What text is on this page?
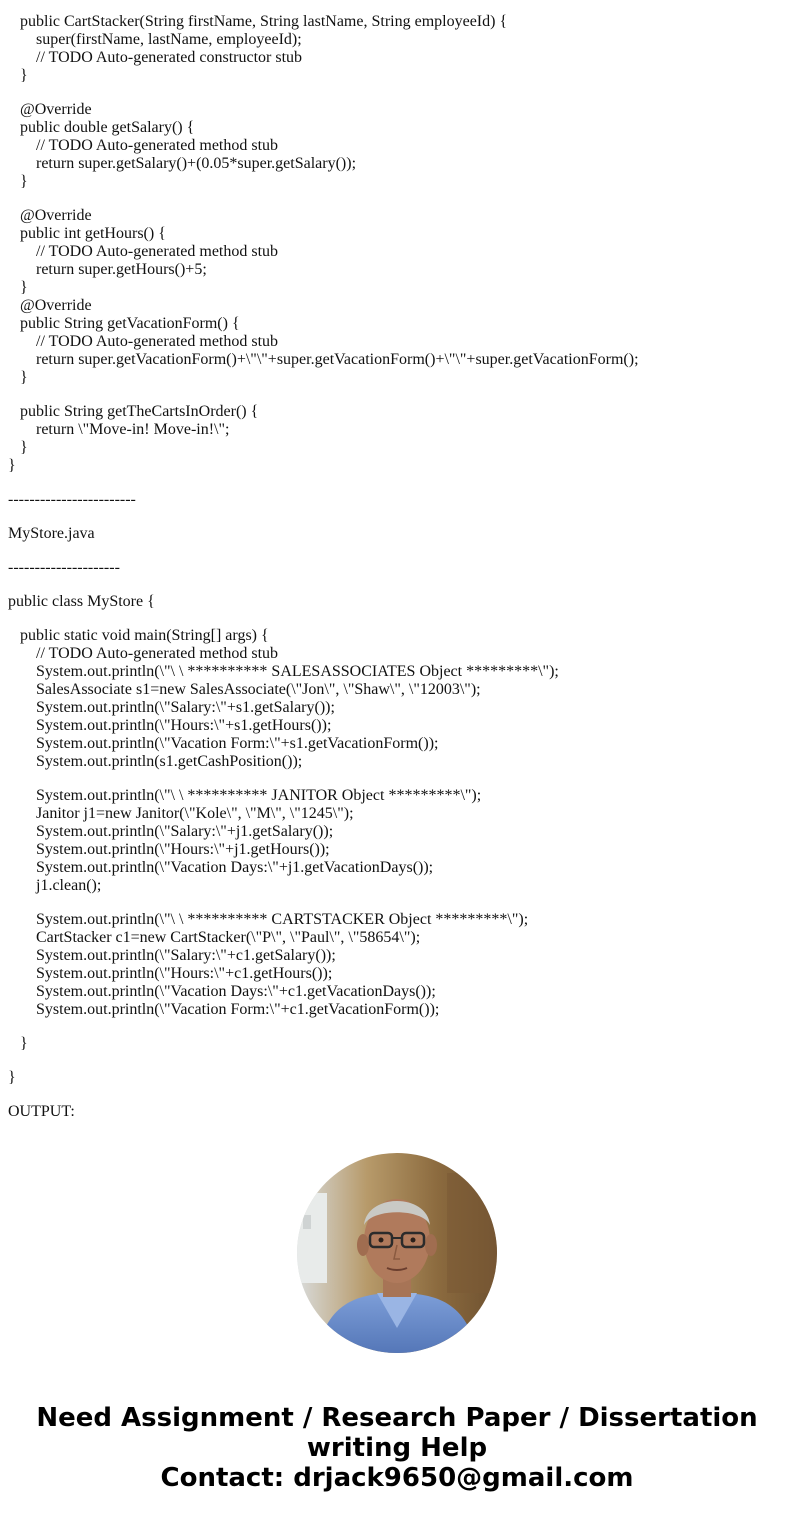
public CartStacker(String firstName, String lastName, String employeeId) {
super(firstName, lastName, employeeId);
// TODO Auto-generated constructor stub
}
@Override
public double getSalary() {
// TODO Auto-generated method stub
return super.getSalary()+(0.05*super.getSalary());
}
@Override
public int getHours() {
// TODO Auto-generated method stub
return super.getHours()+5;
}
@Override
public String getVacationForm() {
// TODO Auto-generated method stub
return super.getVacationForm()+\"\"+super.getVacationForm()+\"\"+super.getVacationForm();
}
public String getTheCartsInOrder() {
return \"Move-in! Move-in!\";
}
}
------------------------
MyStore.java
---------------------
public class MyStore {
public static void main(String[] args) {
// TODO Auto-generated method stub
System.out.println(\"\ \ ********** SALESASSOCIATES Object *********\");
SalesAssociate s1=new SalesAssociate(\"Jon\", \"Shaw\", \"12003\");
System.out.println(\"Salary:\"+s1.getSalary());
System.out.println(\"Hours:\"+s1.getHours());
System.out.println(\"Vacation Form:\"+s1.getVacationForm());
System.out.println(s1.getCashPosition());
System.out.println(\"\ \ ********** JANITOR Object *********\");
Janitor j1=new Janitor(\"Kole\", \"M\", \"1245\");
System.out.println(\"Salary:\"+j1.getSalary());
System.out.println(\"Hours:\"+j1.getHours());
System.out.println(\"Vacation Days:\"+j1.getVacationDays());
j1.clean();
System.out.println(\"\ \ ********** CARTSTACKER Object *********\");
CartStacker c1=new CartStacker(\"P\", \"Paul\", \"58654\");
System.out.println(\"Salary:\"+c1.getSalary());
System.out.println(\"Hours:\"+c1.getHours());
System.out.println(\"Vacation Days:\"+c1.getVacationDays());
System.out.println(\"Vacation Form:\"+c1.getVacationForm());
}
}
OUTPUT:
Need Assignment / Research Paper / Dissertation
writing Help
Contact: drjack9650@gmail.com
